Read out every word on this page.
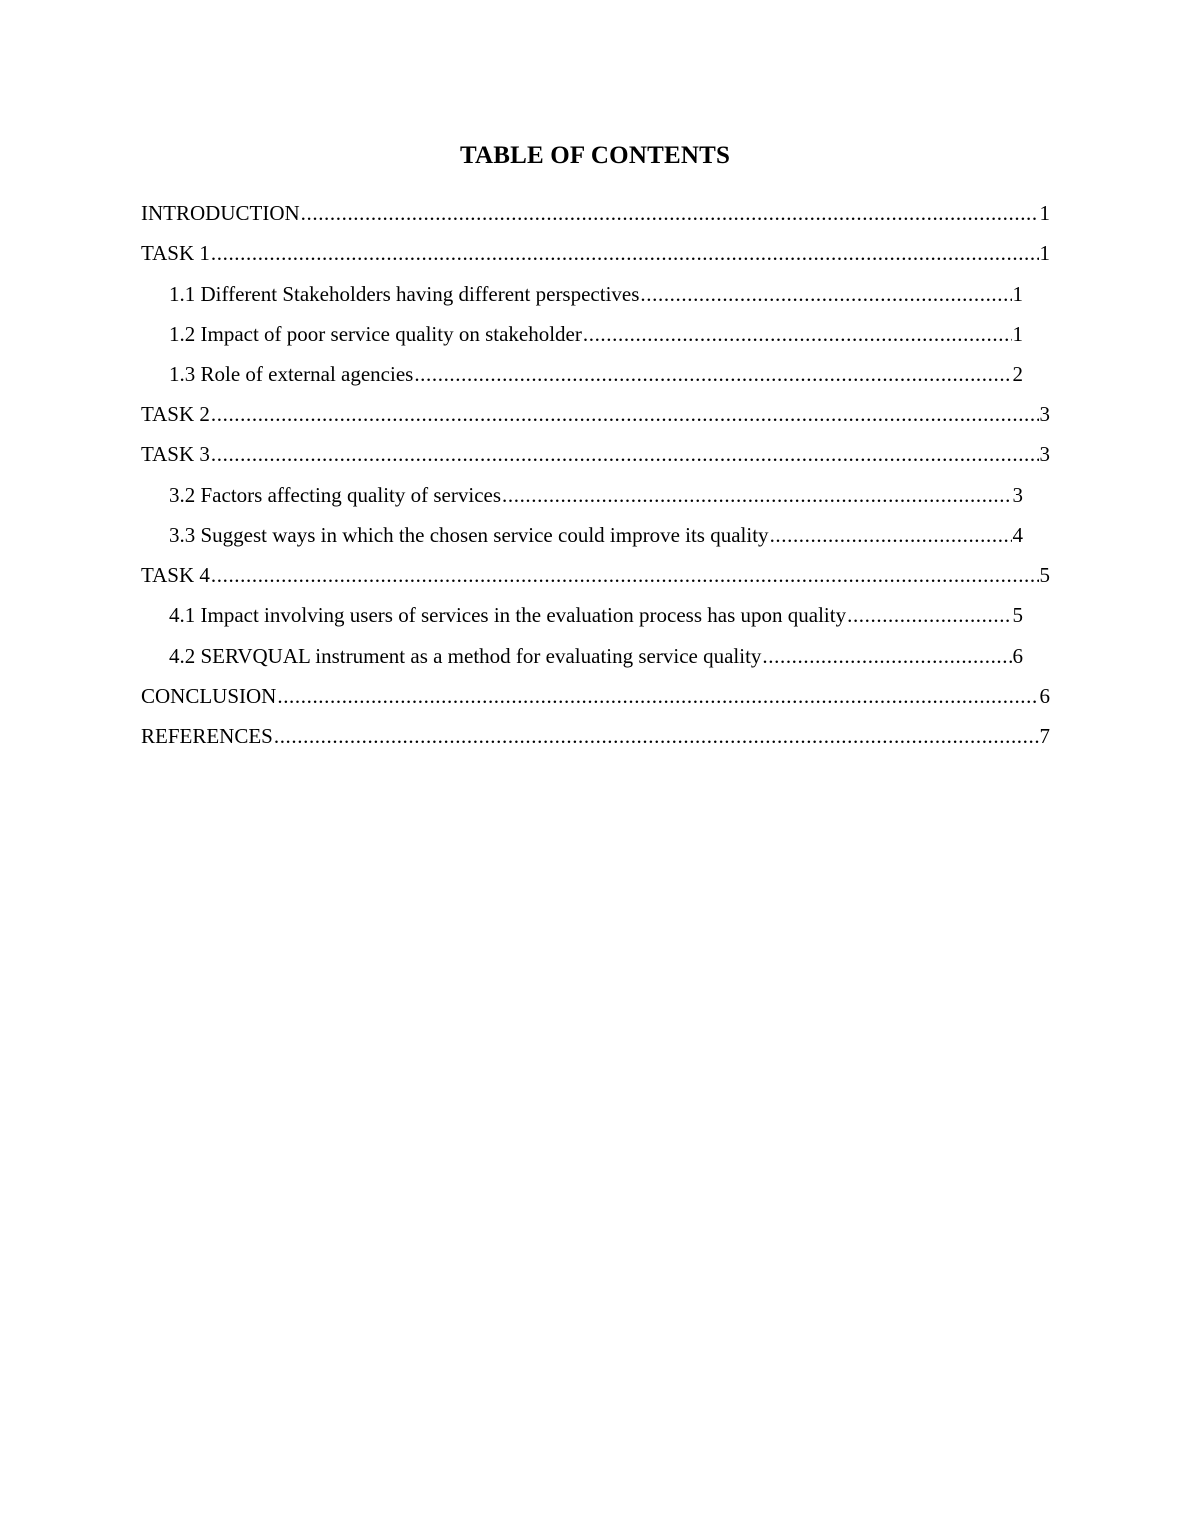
TABLE OF CONTENTS
INTRODUCTION .....	1
TASK 1 .....	1
1.1 Different Stakeholders having different perspectives .....	1
1.2 Impact of poor service quality on stakeholder .....	1
1.3 Role of external agencies .....	2
TASK 2 .....	3
TASK 3 .....	3
3.2 Factors affecting quality of services .....	3
3.3 Suggest ways in which the chosen service could improve its quality .....	4
TASK 4 .....	5
4.1 Impact involving users of services in the evaluation process has upon quality .....	5
4.2 SERVQUAL instrument as a method for evaluating service quality .....	6
CONCLUSION .....	6
REFERENCES .....	7
